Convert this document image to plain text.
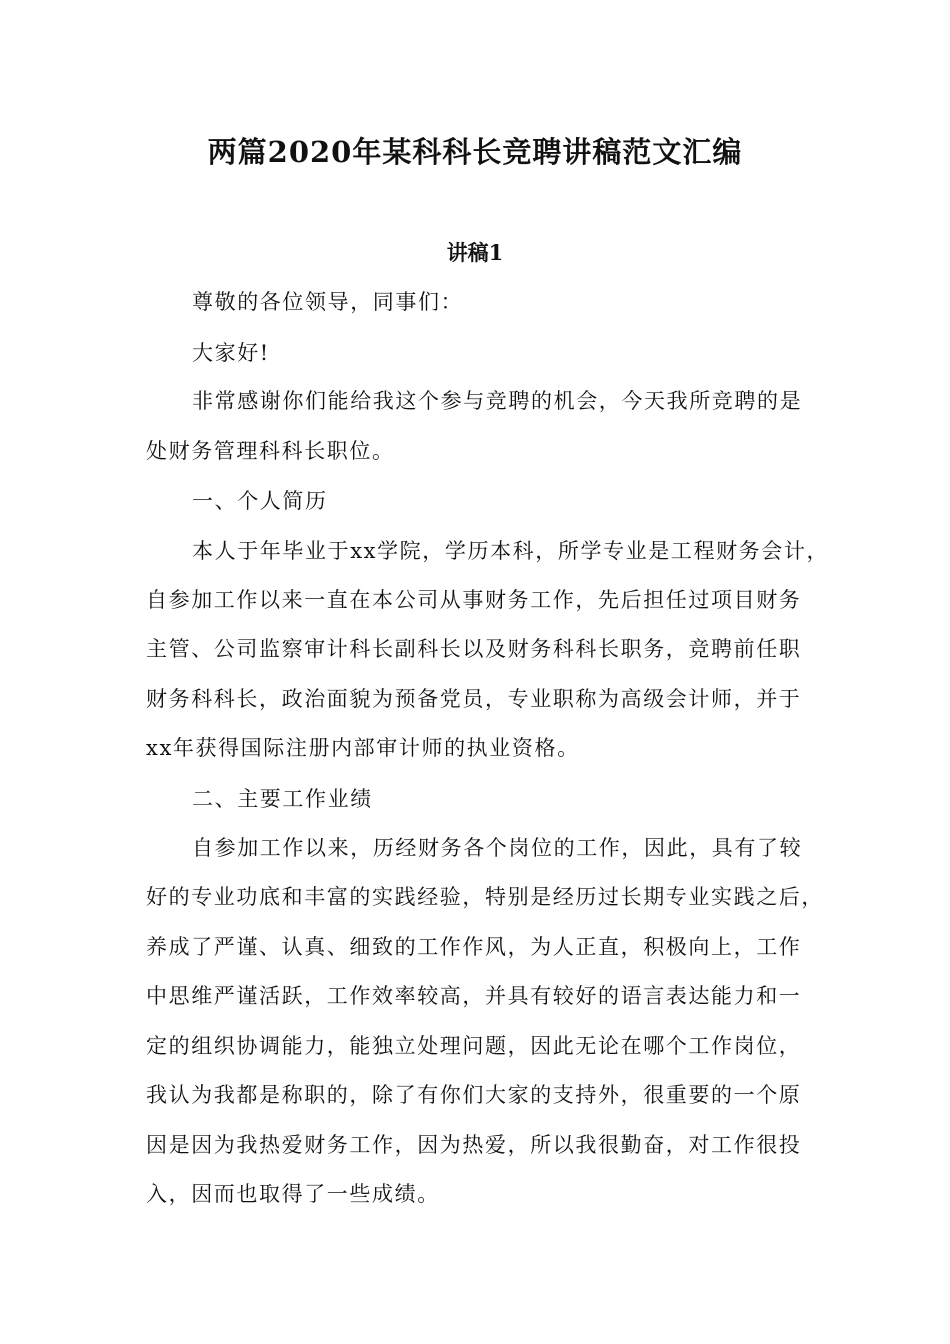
两篇2020年某科科长竞聘讲稿范文汇编
讲稿1
尊敬的各位领导，同事们：
大家好!
非常感谢你们能给我这个参与竞聘的机会，今天我所竞聘的是
处财务管理科科长职位。
一、个人简历
本人于年毕业于xx学院，学历本科，所学专业是工程财务会计，
自参加工作以来一直在本公司从事财务工作，先后担任过项目财务
主管、公司监察审计科长副科长以及财务科科长职务，竞聘前任职
财务科科长，政治面貌为预备党员，专业职称为高级会计师，并于
xx年获得国际注册内部审计师的执业资格。
二、主要工作业绩
自参加工作以来，历经财务各个岗位的工作，因此，具有了较
好的专业功底和丰富的实践经验，特别是经历过长期专业实践之后，
养成了严谨、认真、细致的工作作风，为人正直，积极向上，工作
中思维严谨活跃，工作效率较高，并具有较好的语言表达能力和一
定的组织协调能力，能独立处理问题，因此无论在哪个工作岗位，
我认为我都是称职的，除了有你们大家的支持外，很重要的一个原
因是因为我热爱财务工作，因为热爱，所以我很勤奋，对工作很投
入，因而也取得了一些成绩。
